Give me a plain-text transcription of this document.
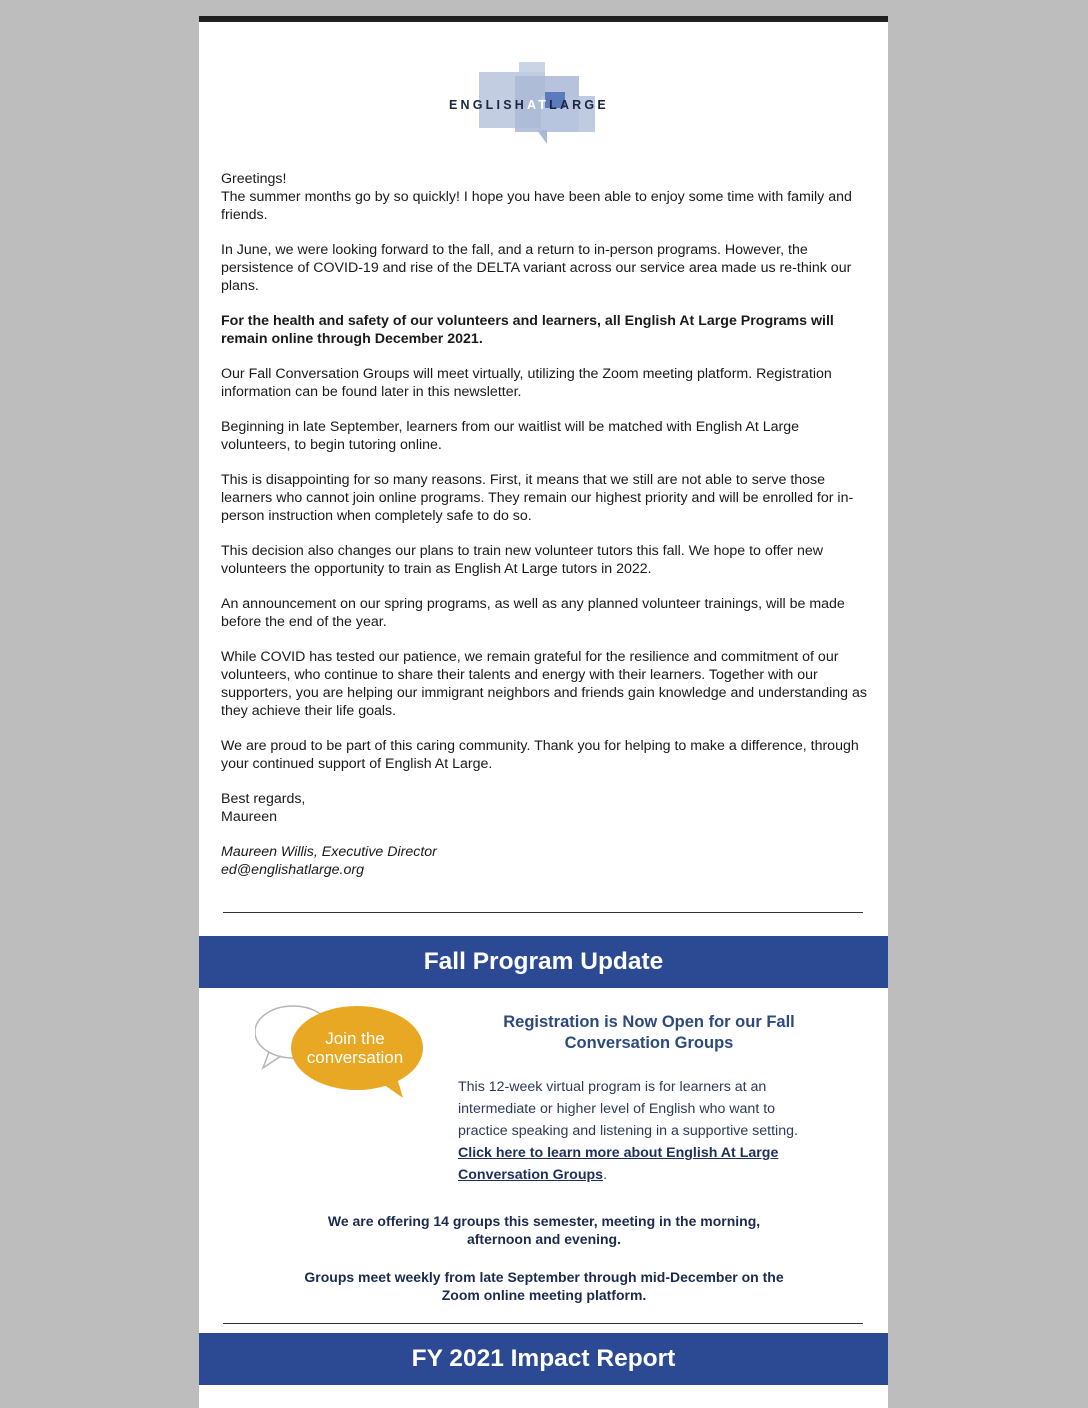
ENGLISHATLARGE

Greetings!

The summer months go by so quickly! I hope you have been able to enjoy some time with family and friends.

In June, we were looking forward to the fall, and a return to in-person programs. However, the persistence of COVID-19 and rise of the DELTA variant across our service area made us re-think our plans.

For the health and safety of our volunteers and learners, all English At Large Programs will remain online through December 2021.

Our Fall Conversation Groups will meet virtually, utilizing the Zoom meeting platform. Registration information can be found later in this newsletter.

Beginning in late September, learners from our waitlist will be matched with English At Large volunteers, to begin tutoring online.

This is disappointing for so many reasons. First, it means that we still are not able to serve those learners who cannot join online programs. They remain our highest priority and will be enrolled for in-person instruction when completely safe to do so.

This decision also changes our plans to train new volunteer tutors this fall. We hope to offer new volunteers the opportunity to train as English At Large tutors in 2022.

An announcement on our spring programs, as well as any planned volunteer trainings, will be made before the end of the year.

While COVID has tested our patience, we remain grateful for the resilience and commitment of our volunteers, who continue to share their talents and energy with their learners. Together with our supporters, you are helping our immigrant neighbors and friends gain knowledge and understanding as they achieve their life goals.

We are proud to be part of this caring community. Thank you for helping to make a difference, through your continued support of English At Large.

Best regards,

Maureen

Maureen Willis, Executive Director

ed@englishatlarge.org

Fall Program Update
Join the
conversation
Registration is Now Open for our Fall Conversation Groups
This 12-week virtual program is for learners at an intermediate or higher level of English who want to practice speaking and listening in a supportive setting. Click here to learn more about English At Large Conversation Groups.
We are offering 14 groups this semester, meeting in the morning, afternoon and evening.
Groups meet weekly from late September through mid-December on the Zoom online meeting platform.
FY 2021 Impact Report
